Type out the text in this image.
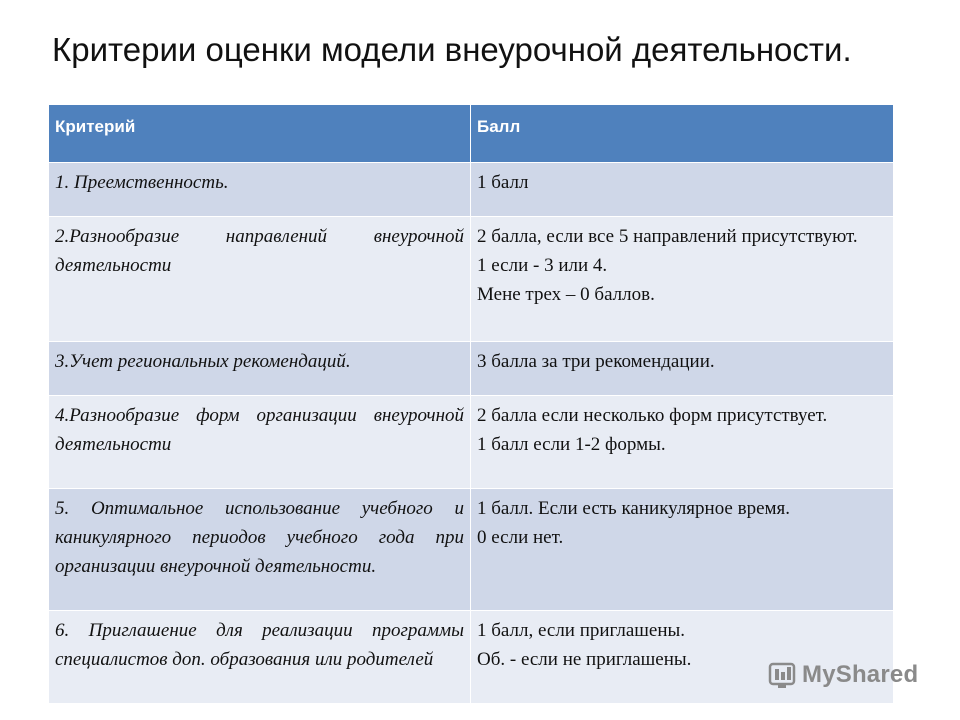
Критерии оценки модели внеурочной деятельности.
Критерий	Балл
1. Преемственность.	1 балл

2.Разнообразие направлений внеурочной деятельности	2 балла, если все 5 направлений присутствуют.
1 если - 3 или 4.
Мене трех – 0 баллов.

3.Учет региональных рекомендаций.	3 балла за три рекомендации.

4.Разнообразие форм организации внеурочной деятельности	2 балла если несколько форм присутствует.
1 балл если 1-2 формы.

5. Оптимальное использование учебного и каникулярного периодов учебного года при организации внеурочной деятельности.	1 балл. Если есть каникулярное время.
0 если нет.

6. Приглашение для реализации программы специалистов доп. образования или родителей	1 балл, если приглашены.
Об. - если не приглашены.
MyShared
